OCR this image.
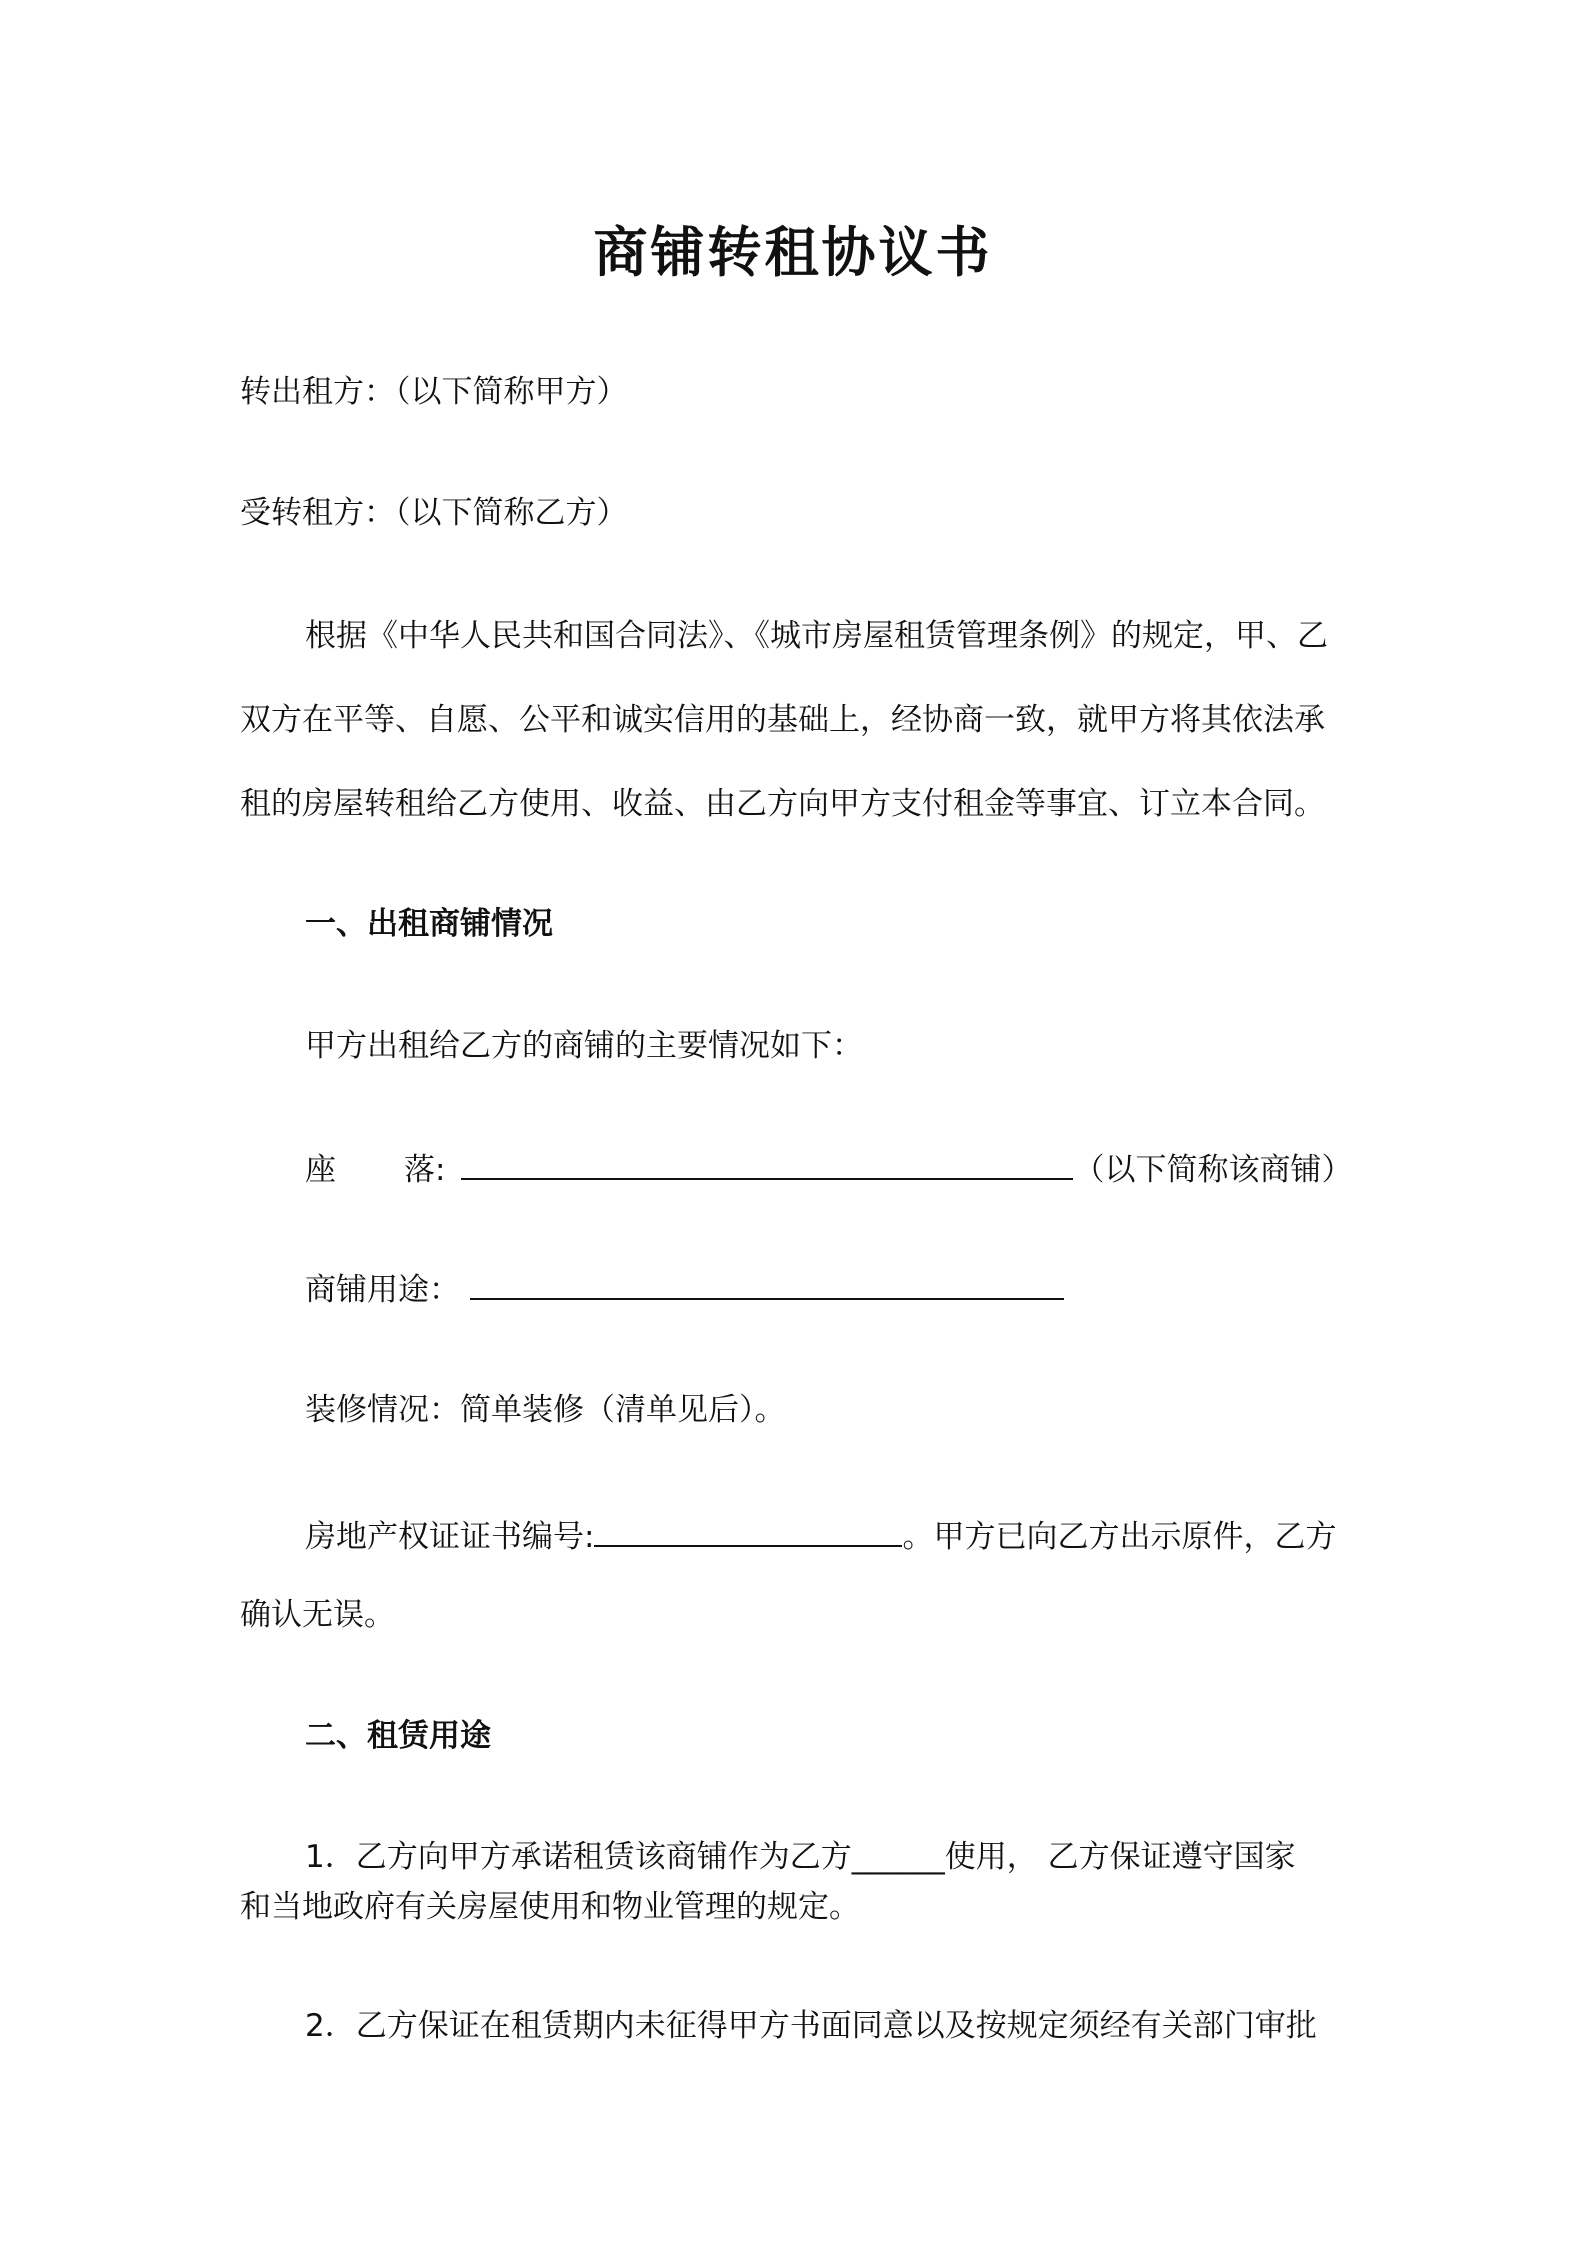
商铺转租协议书
转出租方：（以下简称甲方）
受转租方：（以下简称乙方）
根据《中华人民共和国合同法》、《城市房屋租赁管理条例》的规定，甲、乙
双方在平等、自愿、公平和诚实信用的基础上，经协商一致，就甲方将其依法承
租的房屋转租给乙方使用、收益、由乙方向甲方支付租金等事宜、订立本合同。
一、出租商铺情况
甲方出租给乙方的商铺的主要情况如下：
座 落:	（以下简称该商铺）
商铺用途：
装修情况：简单装修（清单见后）。
房地产权证证书编号:	。甲方已向乙方出示原件，乙方
确认无误。
二、租赁用途
1．乙方向甲方承诺租赁该商铺作为乙方______使用， 乙方保证遵守国家
和当地政府有关房屋使用和物业管理的规定。
2．乙方保证在租赁期内未征得甲方书面同意以及按规定须经有关部门审批
